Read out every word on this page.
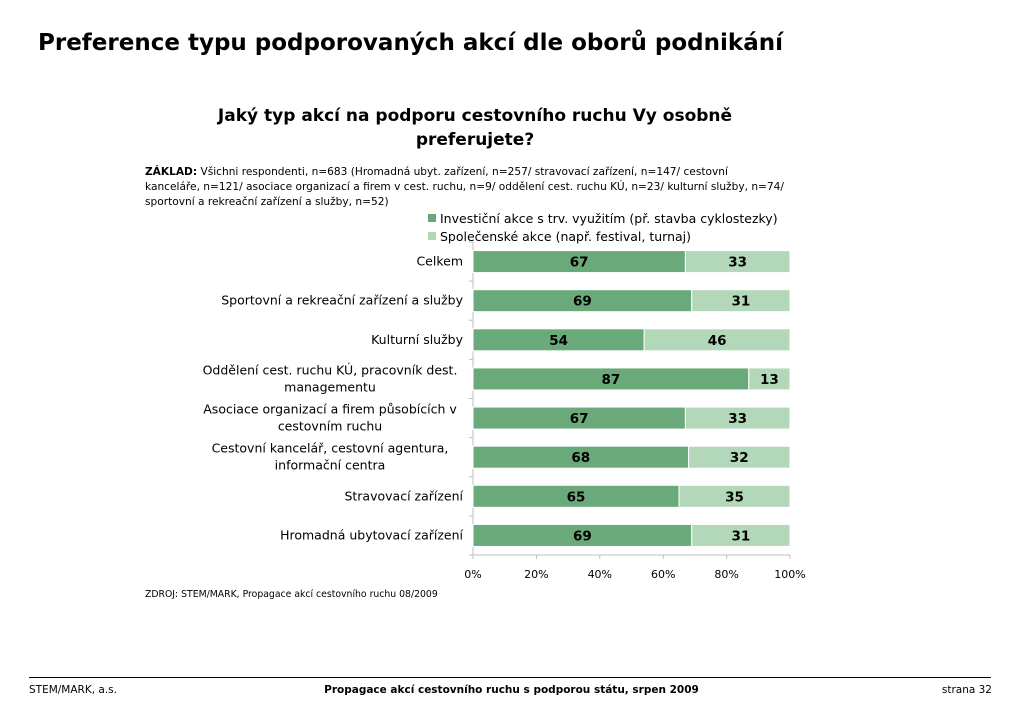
Preference typu podporovaných akcí dle oborů podnikání
Jaký typ akcí na podporu cestovního ruchu Vy osobně preferujete?
ZÁKLAD: Všichni respondenti, n=683 (Hromadná ubyt. zařízení, n=257/ stravovací zařízení, n=147/ cestovní kanceláře, n=121/ asociace organizací a firem v cest. ruchu, n=9/ oddělení cest. ruchu KÚ, n=23/ kulturní služby, n=74/ sportovní a rekreační zařízení a služby, n=52)
Investiční akce s trv. využitím (př. stavba cyklostezky)
Společenské akce (např. festival, turnaj)
0%	20%	40%	60%	80%	100%
Celkem	67	33
Sportovní a rekreační zařízení a služby	69	31
Kulturní služby	54	46
Oddělení cest. ruchu KÚ, pracovník dest. managementu	87	13
Asociace organizací a firem působících v cestovním ruchu	67	33
Cestovní kancelář, cestovní agentura, informační centra	68	32
Stravovací zařízení	65	35
Hromadná ubytovací zařízení	69	31
ZDROJ: STEM/MARK, Propagace akcí cestovního ruchu 08/2009
STEM/MARK, a.s.	Propagace akcí cestovního ruchu s podporou státu, srpen 2009	strana 32
